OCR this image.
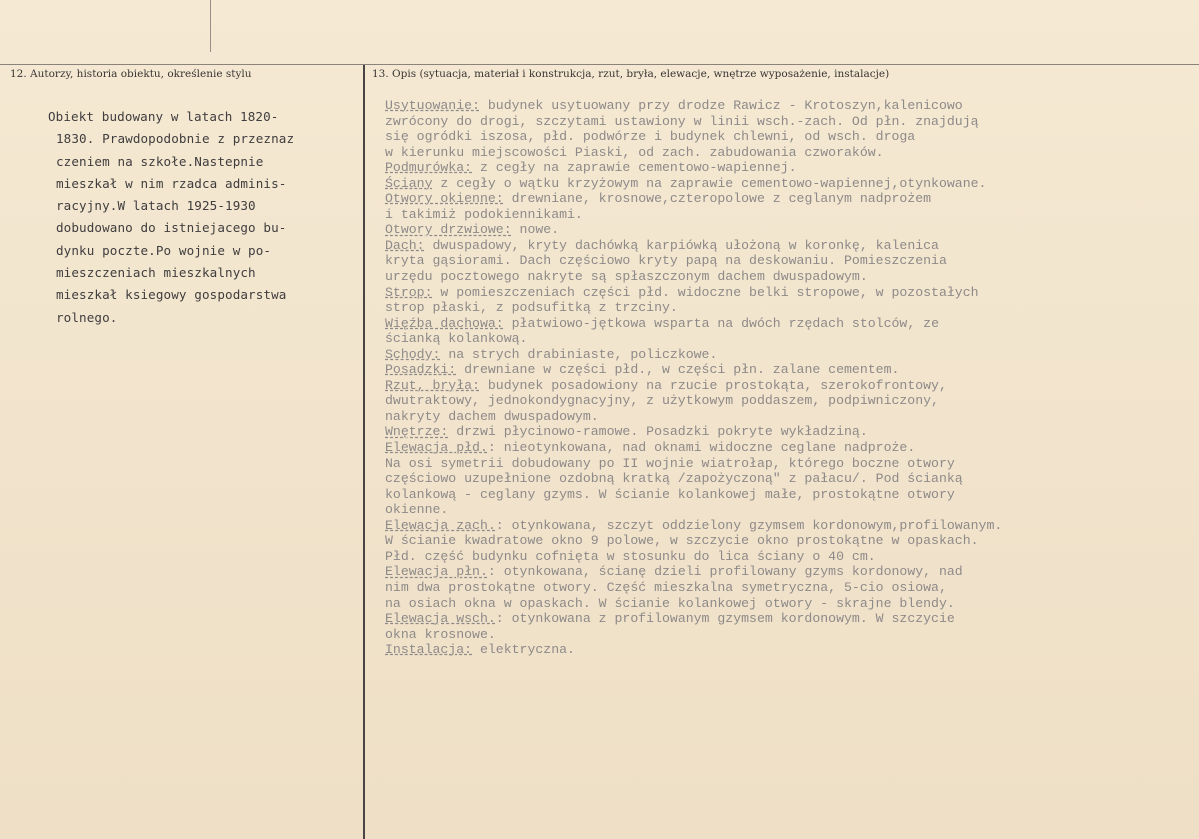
12. Autorzy, historia obiektu, określenie stylu	13. Opis (sytuacja, materiał i konstrukcja, rzut, bryła, elewacje, wnętrze wyposażenie, instalacje)
Obiekt budowany w latach 1820-
1830. Prawdopodobnie z przeznaz
czeniem na szkołe.Nastepnie
mieszkał w nim rzadca adminis-
racyjny.W latach 1925-1930
dobudowano do istniejacego bu-
dynku poczte.Po wojnie w po-
mieszczeniach mieszkalnych
mieszkał ksiegowy gospodarstwa
rolnego.
Usytuowanie: budynek usytuowany przy drodze Rawicz - Krotoszyn,kalenicowo
zwrócony do drogi, szczytami ustawiony w linii wsch.-zach. Od płn. znajdują
się ogródki iszosa, płd. podwórze i budynek chlewni, od wsch. droga
w kierunku miejscowości Piaski, od zach. zabudowania czworaków.
Podmurówka: z cegły na zaprawie cementowo-wapiennej.
Ściany z cegły o wątku krzyżowym na zaprawie cementowo-wapiennej,otynkowane.
Otwory okienne: drewniane, krosnowe,czteropolowe z ceglanym nadprożem
i takimiż podokiennikami.
Otwory drzwiowe: nowe.
Dach: dwuspadowy, kryty dachówką karpiówką ułożoną w koronkę, kalenica
kryta gąsiorami. Dach częściowo kryty papą na deskowaniu. Pomieszczenia
urzędu pocztowego nakryte są spłaszczonym dachem dwuspadowym.
Strop: w pomieszczeniach części płd. widoczne belki stropowe, w pozostałych
strop płaski, z podsufitką z trzciny.
Więźba dachowa: płatwiowo-jętkowa wsparta na dwóch rzędach stolców, ze
ścianką kolankową.
Schody: na strych drabiniaste, policzkowe.
Posadzki: drewniane w części płd., w części płn. zalane cementem.
Rzut, bryła: budynek posadowiony na rzucie prostokąta, szerokofrontowy,
dwutraktowy, jednokondygnacyjny, z użytkowym poddaszem, podpiwniczony,
nakryty dachem dwuspadowym.
Wnętrze: drzwi płycinowo-ramowe. Posadzki pokryte wykładziną.
Elewacja płd.: nieotynkowana, nad oknami widoczne ceglane nadproże.
Na osi symetrii dobudowany po II wojnie wiatrołap, którego boczne otwory
częściowo uzupełnione ozdobną kratką /zapożyczoną" z pałacu/. Pod ścianką
kolankową - ceglany gzyms. W ścianie kolankowej małe, prostokątne otwory
okienne.
Elewacja zach.: otynkowana, szczyt oddzielony gzymsem kordonowym,profilowanym.
W ścianie kwadratowe okno 9 polowe, w szczycie okno prostokątne w opaskach.
Płd. część budynku cofnięta w stosunku do lica ściany o 40 cm.
Elewacja płn.: otynkowana, ścianę dzieli profilowany gzyms kordonowy, nad
nim dwa prostokątne otwory. Część mieszkalna symetryczna, 5-cio osiowa,
na osiach okna w opaskach. W ścianie kolankowej otwory - skrajne blendy.
Elewacja wsch.: otynkowana z profilowanym gzymsem kordonowym. W szczycie
okna krosnowe.
Instalacja: elektryczna.
